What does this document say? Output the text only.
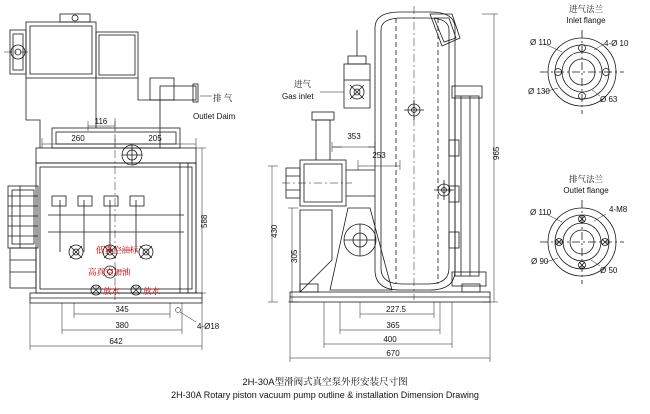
排 气
Outlet Daim
低真空油标
高真空加油
放水	放水
116
260	205
588
345
380
642
4-Ø18
进气
Gas inlet
353
253	965
430
305
227.5
365
400
670
进气法兰
Inlet flange
Ø 110	4-Ø 10
Ø 130
Ø 63
排气法兰
Outlet flange
Ø 110	4-M8
Ø 90
Ø 50
2H-30A型滑阀式真空泵外形安装尺寸图
2H-30A Rotary piston vacuum pump outline & installation Dimension Drawing
